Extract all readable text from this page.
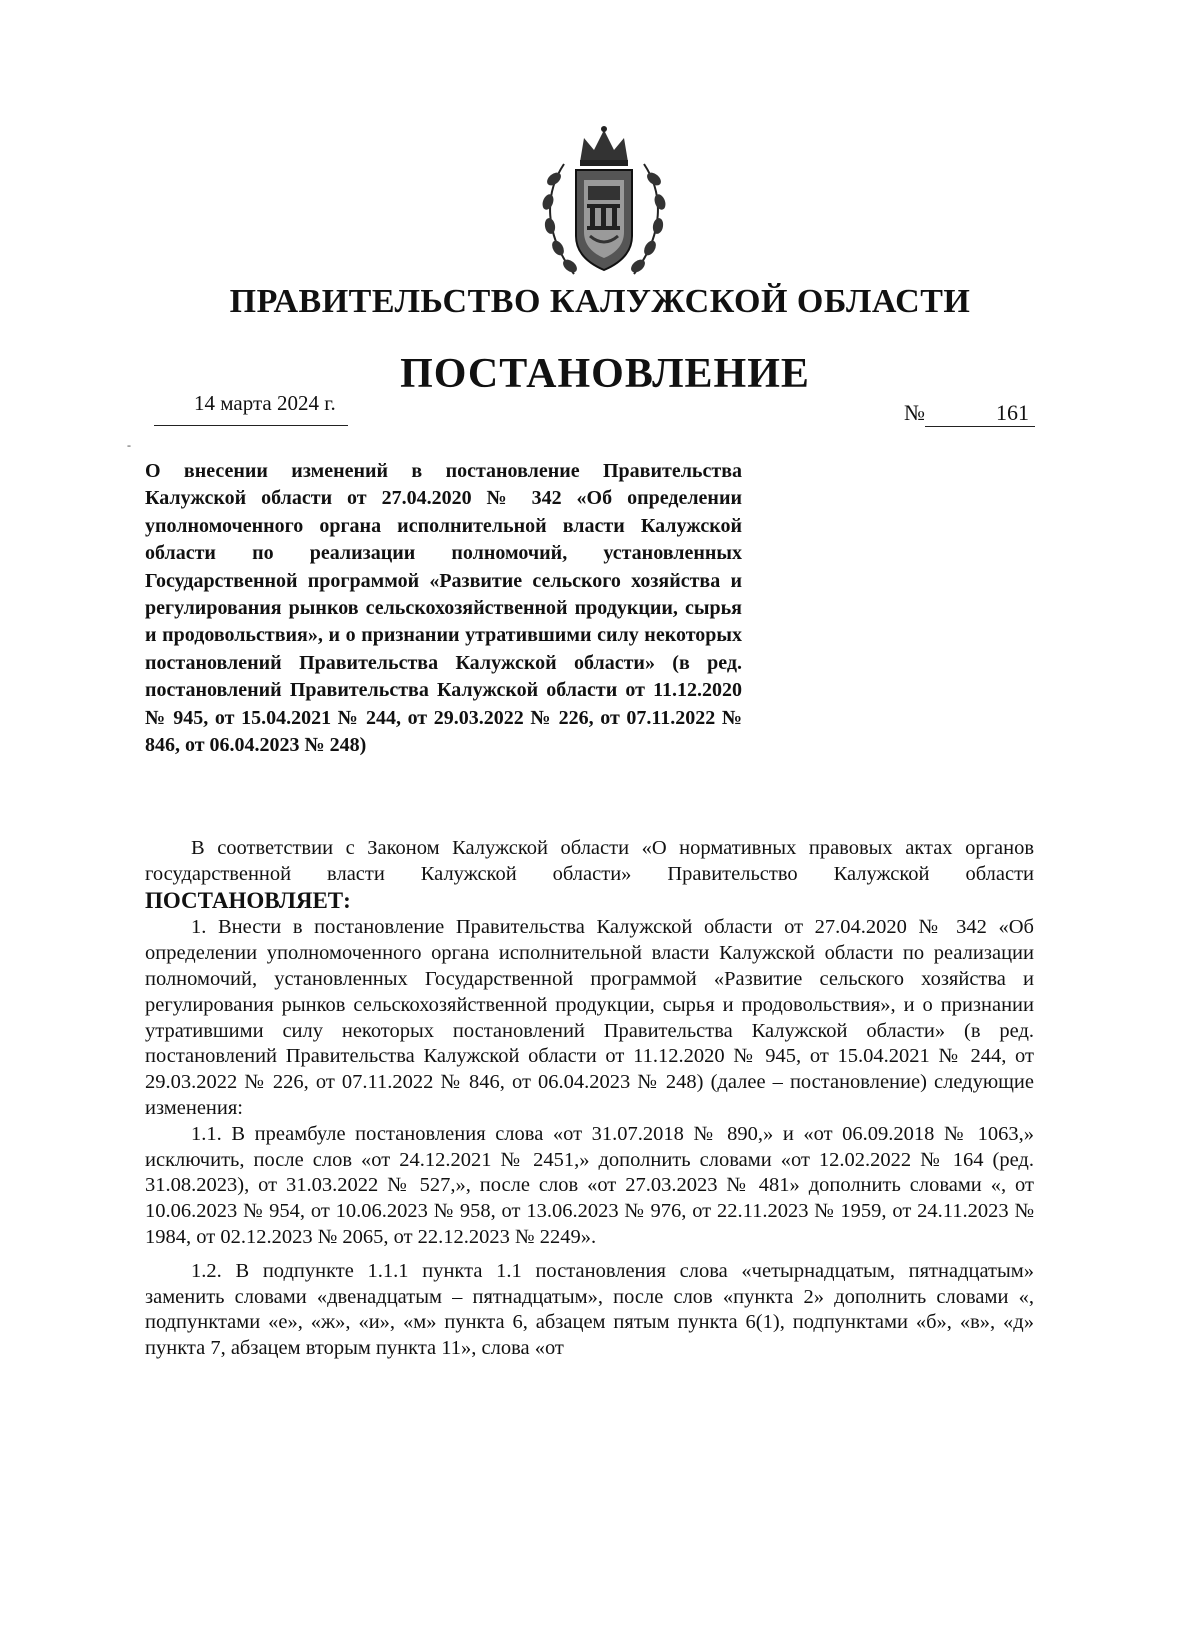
ПРАВИТЕЛЬСТВО КАЛУЖСКОЙ ОБЛАСТИ
ПОСТАНОВЛЕНИЕ
14 марта 2024 г.	№	161
-
О внесении изменений в постановление Правительства Калужской области от 27.04.2020 № 342 «Об определении уполномоченного органа исполнительной власти Калужской области по реализации полномочий, установленных Государственной программой «Развитие сельского хозяйства и регулирования рынков сельскохозяйственной продукции, сырья и продовольствия», и о признании утратившими силу некоторых постановлений Правительства Калужской области» (в ред. постановлений Правительства Калужской области от 11.12.2020 № 945, от 15.04.2021 № 244, от 29.03.2022 № 226, от 07.11.2022 № 846, от 06.04.2023 № 248)

В соответствии с Законом Калужской области «О нормативных правовых актах органов государственной власти Калужской области» Правительство Калужской области ПОСТАНОВЛЯЕТ:

1. Внести в постановление Правительства Калужской области от 27.04.2020 № 342 «Об определении уполномоченного органа исполнительной власти Калужской области по реализации полномочий, установленных Государственной программой «Развитие сельского хозяйства и регулирования рынков сельскохозяйственной продукции, сырья и продовольствия», и о признании утратившими силу некоторых постановлений Правительства Калужской области» (в ред. постановлений Правительства Калужской области от 11.12.2020 № 945, от 15.04.2021 № 244, от 29.03.2022 № 226, от 07.11.2022 № 846, от 06.04.2023 № 248) (далее – постановление) следующие изменения:

1.1. В преамбуле постановления слова «от 31.07.2018 № 890,» и «от 06.09.2018 № 1063,» исключить, после слов «от 24.12.2021 № 2451,» дополнить словами «от 12.02.2022 № 164 (ред. 31.08.2023), от 31.03.2022 № 527,», после слов «от 27.03.2023 № 481» дополнить словами «, от 10.06.2023 № 954, от 10.06.2023 № 958, от 13.06.2023 № 976, от 22.11.2023 № 1959, от 24.11.2023 № 1984, от 02.12.2023 № 2065, от 22.12.2023 № 2249».

1.2. В подпункте 1.1.1 пункта 1.1 постановления слова «четырнадцатым, пятнадцатым» заменить словами «двенадцатым – пятнадцатым», после слов «пункта 2» дополнить словами «, подпунктами «е», «ж», «и», «м» пункта 6, абзацем пятым пункта 6(1), подпунктами «б», «в», «д» пункта 7, абзацем вторым пункта 11», слова «от
